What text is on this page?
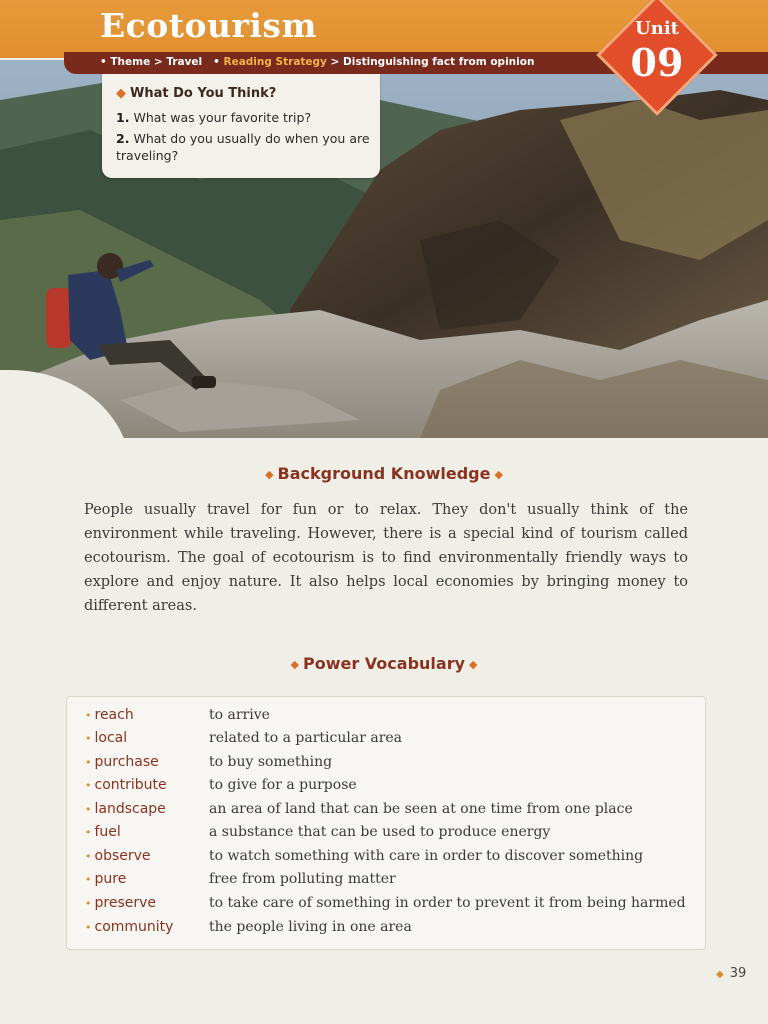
Ecotourism
• Theme > Travel   • Reading Strategy > Distinguishing fact from opinion
Unit
09
◆ What Do You Think?
1. What was your favorite trip?
2. What do you usually do when you are traveling?
◆ Background Knowledge ◆
People usually travel for fun or to relax. They don't usually think of the environment while traveling. However, there is a special kind of tourism called ecotourism. The goal of ecotourism is to find environmentally friendly ways to explore and enjoy nature. It also helps local economies by bringing money to different areas.
◆ Power Vocabulary ◆
• reach	to arrive
• local	related to a particular area
• purchase	to buy something
• contribute	to give for a purpose
• landscape	an area of land that can be seen at one time from one place
• fuel	a substance that can be used to produce energy
• observe	to watch something with care in order to discover something
• pure	free from polluting matter
• preserve	to take care of something in order to prevent it from being harmed
• community	the people living in one area
◆ 39
